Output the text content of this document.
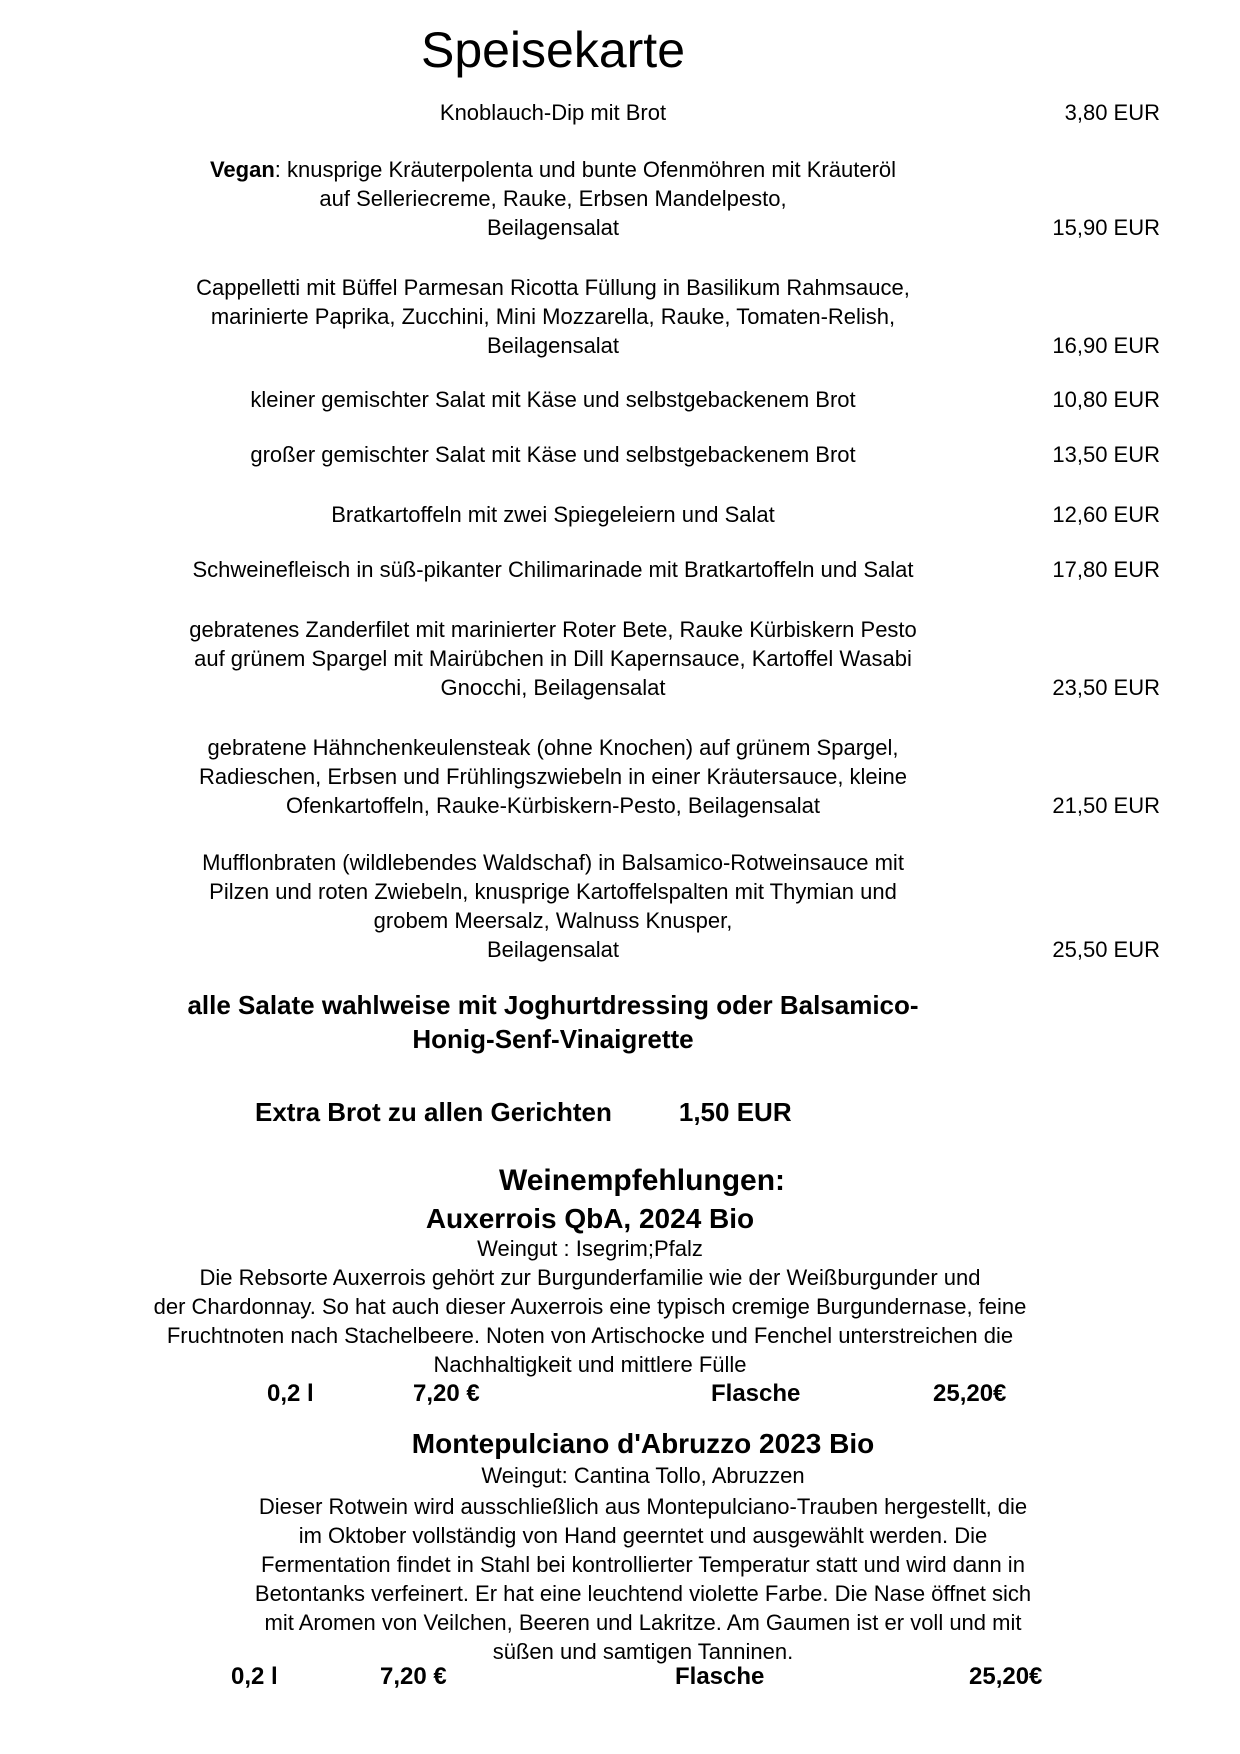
Speisekarte
Knoblauch-Dip mit Brot	3,80 EUR
Vegan: knusprige Kräuterpolenta und bunte Ofenmöhren mit Kräuteröl
auf Selleriecreme, Rauke, Erbsen Mandelpesto,
Beilagensalat	15,90 EUR
Cappelletti mit Büffel Parmesan Ricotta Füllung in Basilikum Rahmsauce,
marinierte Paprika, Zucchini, Mini Mozzarella, Rauke, Tomaten-Relish,
Beilagensalat	16,90 EUR
kleiner gemischter Salat mit Käse und selbstgebackenem Brot	10,80 EUR
großer gemischter Salat mit Käse und selbstgebackenem Brot	13,50 EUR
Bratkartoffeln mit zwei Spiegeleiern und Salat	12,60 EUR
Schweinefleisch in süß-pikanter Chilimarinade mit Bratkartoffeln und Salat	17,80 EUR
gebratenes Zanderfilet mit marinierter Roter Bete, Rauke Kürbiskern Pesto
auf grünem Spargel mit Mairübchen in Dill Kapernsauce, Kartoffel Wasabi
Gnocchi, Beilagensalat	23,50 EUR
gebratene Hähnchenkeulensteak (ohne Knochen) auf grünem Spargel,
Radieschen, Erbsen und Frühlingszwiebeln in einer Kräutersauce, kleine
Ofenkartoffeln, Rauke-Kürbiskern-Pesto, Beilagensalat	21,50 EUR
Mufflonbraten (wildlebendes Waldschaf) in Balsamico-Rotweinsauce mit
Pilzen und roten Zwiebeln, knusprige Kartoffelspalten mit Thymian und
grobem Meersalz, Walnuss Knusper,
Beilagensalat	25,50 EUR
alle Salate wahlweise mit Joghurtdressing oder Balsamico-
Honig-Senf-Vinaigrette
Extra Brot zu allen Gerichten	1,50 EUR
Weinempfehlungen:
Auxerrois QbA, 2024 Bio
Weingut : Isegrim;Pfalz
Die Rebsorte Auxerrois gehört zur Burgunderfamilie wie der Weißburgunder und
der Chardonnay. So hat auch dieser Auxerrois eine typisch cremige Burgundernase, feine
Fruchtnoten nach Stachelbeere. Noten von Artischocke und Fenchel unterstreichen die
Nachhaltigkeit und mittlere Fülle
0,2 l	7,20 €	Flasche	25,20€
Montepulciano d'Abruzzo 2023 Bio
Weingut: Cantina Tollo, Abruzzen
Dieser Rotwein wird ausschließlich aus Montepulciano-Trauben hergestellt, die
im Oktober vollständig von Hand geerntet und ausgewählt werden. Die
Fermentation findet in Stahl bei kontrollierter Temperatur statt und wird dann in
Betontanks verfeinert. Er hat eine leuchtend violette Farbe. Die Nase öffnet sich
mit Aromen von Veilchen, Beeren und Lakritze. Am Gaumen ist er voll und mit
süßen und samtigen Tanninen.
0,2 l	7,20 €	Flasche	25,20€
